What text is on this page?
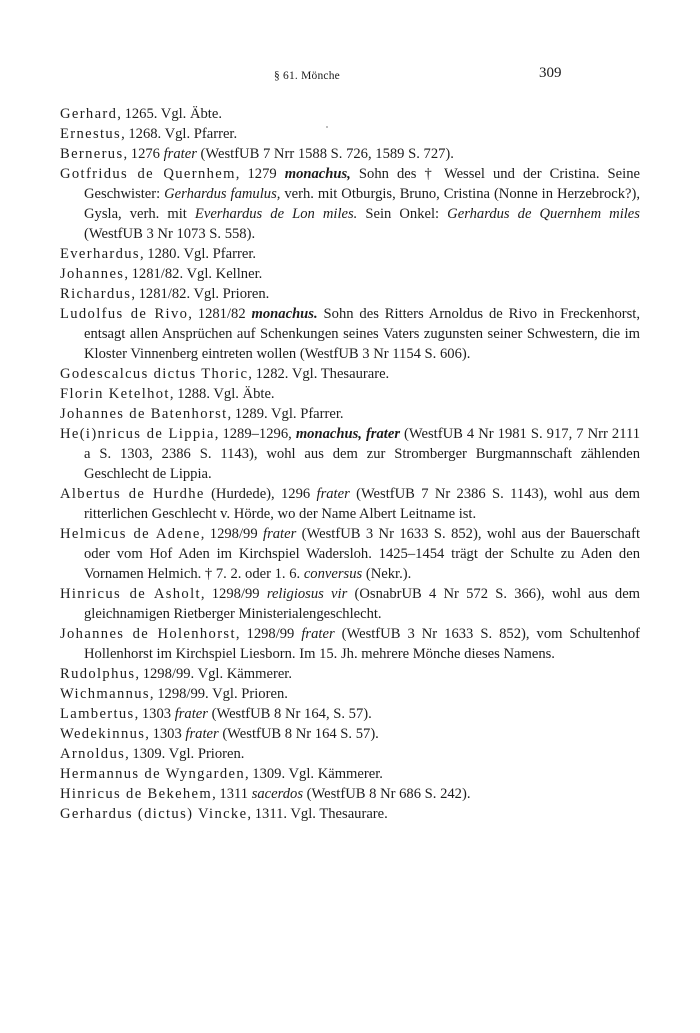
§ 61. Mönche	309
Gerhard, 1265. Vgl. Äbte.
Ernestus, 1268. Vgl. Pfarrer.
Bernerus, 1276 frater (WestfUB 7 Nrr 1588 S. 726, 1589 S. 727).
Gotfridus de Quernhem, 1279 monachus, Sohn des † Wessel und der Cristina. Seine Geschwister: Gerhardus famulus, verh. mit Otburgis, Bruno, Cristina (Nonne in Herzebrock?), Gysla, verh. mit Everhardus de Lon miles. Sein Onkel: Gerhardus de Quernhem miles (WestfUB 3 Nr 1073 S. 558).
Everhardus, 1280. Vgl. Pfarrer.
Johannes, 1281/82. Vgl. Kellner.
Richardus, 1281/82. Vgl. Prioren.
Ludolfus de Rivo, 1281/82 monachus. Sohn des Ritters Arnoldus de Rivo in Freckenhorst, entsagt allen Ansprüchen auf Schenkungen seines Vaters zugunsten seiner Schwestern, die im Kloster Vinnenberg eintreten wollen (WestfUB 3 Nr 1154 S. 606).
Godescalcus dictus Thoric, 1282. Vgl. Thesaurare.
Florin Ketelhot, 1288. Vgl. Äbte.
Johannes de Batenhorst, 1289. Vgl. Pfarrer.
He(i)nricus de Lippia, 1289–1296, monachus, frater (WestfUB 4 Nr 1981 S. 917, 7 Nrr 2111 a S. 1303, 2386 S. 1143), wohl aus dem zur Stromberger Burgmannschaft zählenden Geschlecht de Lippia.
Albertus de Hurdhe (Hurdede), 1296 frater (WestfUB 7 Nr 2386 S. 1143), wohl aus dem ritterlichen Geschlecht v. Hörde, wo der Name Albert Leitname ist.
Helmicus de Adene, 1298/99 frater (WestfUB 3 Nr 1633 S. 852), wohl aus der Bauerschaft oder vom Hof Aden im Kirchspiel Wadersloh. 1425–1454 trägt der Schulte zu Aden den Vornamen Helmich. † 7. 2. oder 1. 6. conversus (Nekr.).
Hinricus de Asholt, 1298/99 religiosus vir (OsnabrUB 4 Nr 572 S. 366), wohl aus dem gleichnamigen Rietberger Ministerialengeschlecht.
Johannes de Holenhorst, 1298/99 frater (WestfUB 3 Nr 1633 S. 852), vom Schultenhof Hollenhorst im Kirchspiel Liesborn. Im 15. Jh. mehrere Mönche dieses Namens.
Rudolphus, 1298/99. Vgl. Kämmerer.
Wichmannus, 1298/99. Vgl. Prioren.
Lambertus, 1303 frater (WestfUB 8 Nr 164, S. 57).
Wedekinnus, 1303 frater (WestfUB 8 Nr 164 S. 57).
Arnoldus, 1309. Vgl. Prioren.
Hermannus de Wyngarden, 1309. Vgl. Kämmerer.
Hinricus de Bekehem, 1311 sacerdos (WestfUB 8 Nr 686 S. 242).
Gerhardus (dictus) Vincke, 1311. Vgl. Thesaurare.
